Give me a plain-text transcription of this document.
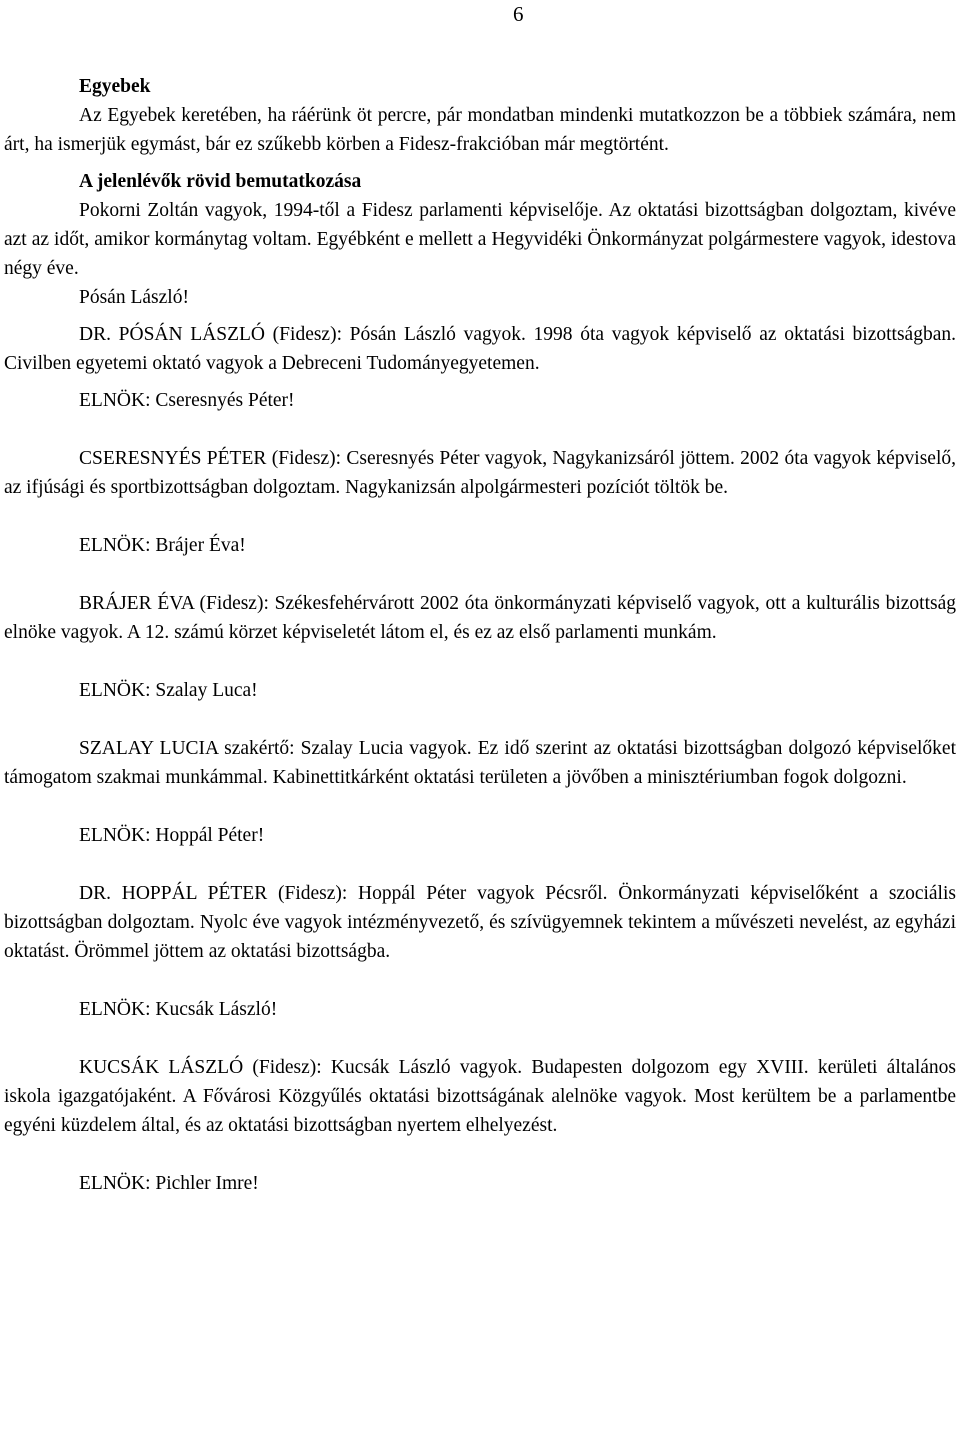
6

Egyebek

Az Egyebek keretében, ha ráérünk öt percre, pár mondatban mindenki mutatkozzon be a többiek számára, nem árt, ha ismerjük egymást, bár ez szűkebb körben a Fidesz-frakcióban már megtörtént.

A jelenlévők rövid bemutatkozása

Pokorni Zoltán vagyok, 1994-től a Fidesz parlamenti képviselője. Az oktatási bizottságban dolgoztam, kivéve azt az időt, amikor kormánytag voltam. Egyébként e mellett a Hegyvidéki Önkormányzat polgármestere vagyok, idestova négy éve.

Pósán László!

DR. PÓSÁN LÁSZLÓ (Fidesz): Pósán László vagyok. 1998 óta vagyok képviselő az oktatási bizottságban. Civilben egyetemi oktató vagyok a Debreceni Tudományegyetemen.

ELNÖK: Cseresnyés Péter!

CSERESNYÉS PÉTER (Fidesz): Cseresnyés Péter vagyok, Nagykanizsáról jöttem. 2002 óta vagyok képviselő, az ifjúsági és sportbizottságban dolgoztam. Nagykanizsán alpolgármesteri pozíciót töltök be.

ELNÖK: Brájer Éva!

BRÁJER ÉVA (Fidesz): Székesfehérvárott 2002 óta önkormányzati képviselő vagyok, ott a kulturális bizottság elnöke vagyok. A 12. számú körzet képviseletét látom el, és ez az első parlamenti munkám.

ELNÖK: Szalay Luca!

SZALAY LUCIA szakértő: Szalay Lucia vagyok. Ez idő szerint az oktatási bizottságban dolgozó képviselőket támogatom szakmai munkámmal. Kabinettitkárként oktatási területen a jövőben a minisztériumban fogok dolgozni.

ELNÖK: Hoppál Péter!

DR. HOPPÁL PÉTER (Fidesz): Hoppál Péter vagyok Pécsről. Önkormányzati képviselőként a szociális bizottságban dolgoztam. Nyolc éve vagyok intézményvezető, és szívügyemnek tekintem a művészeti nevelést, az egyházi oktatást. Örömmel jöttem az oktatási bizottságba.

ELNÖK: Kucsák László!

KUCSÁK LÁSZLÓ (Fidesz): Kucsák László vagyok. Budapesten dolgozom egy XVIII. kerületi általános iskola igazgatójaként. A Fővárosi Közgyűlés oktatási bizottságának alelnöke vagyok. Most kerültem be a parlamentbe egyéni küzdelem által, és az oktatási bizottságban nyertem elhelyezést.

ELNÖK: Pichler Imre!
